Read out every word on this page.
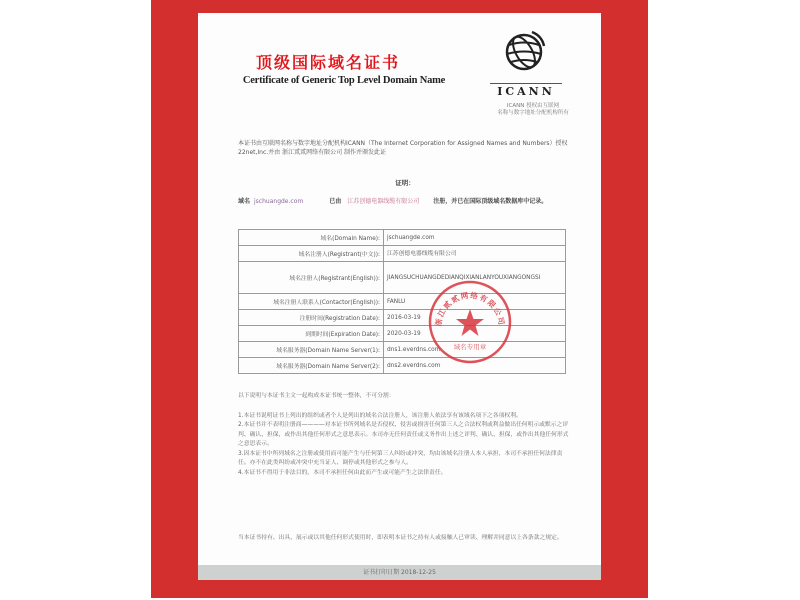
顶级国际域名证书
Certificate of Generic Top Level Domain Name
ICANN
ICANN 授权由互联网
名称与数字地址分配机构所有
本证书由互联网名称与数字地址分配机构ICANN（The Internet Corporation for Assigned Names and Numbers）授权22net,Inc.并由 浙江贰贰网络有限公司 制作并颁发此证
证明：
域名 jschuangde.com	已由 江苏创德电器线缆有限公司 注册，并已在国际顶级域名数据库中记录。
域名(Domain Name):	jschuangde.com
域名注册人(Registrant(中文)):	江苏创德电器线缆有限公司
域名注册人(Registrant(English)):	JIANGSUCHUANGDEDIANQIXIANLANYOUXIANGONGSI
域名注册人联系人(Contactor(English)):	FANLU
注册时间(Registration Date):	2016-03-19
到期时间(Expiration Date):	2020-03-19
域名服务器(Domain Name Server(1):	dns1.everdns.com
域名服务器(Domain Name Server(2):	dns2.everdns.com
浙江贰贰网络有限公司
域名专用章

以下说明与本证书主文一起构成本证书统一整体，不可分割：

1.本证书说明证书上列出的组织或者个人是列出的域名合法注册人，该注册人依法享有该域名项下之各项权利。

2.本证书并不表明注册商————对本证书所列域名是否侵权、侵害或损害任何第三人之合法权利或利益做出任何明示或默示之评判、确认、担保，或作出其他任何形式之意思表示。本司亦无任何责任或义务作出上述之评判、确认、担保，或作出其他任何形式之意思表示。

3.因本证书中所列域名之注册或使用而可能产生与任何第三人纠纷或冲突，均由该域名注册人本人承担，本司不承担任何法律责任。亦不在此类纠纷或冲突中充当证人、调停或其他形式之参与人。

4.本证书不得用于非法目的，本司不承担任何由此而产生或可能产生之法律责任。

当本证书持有、出具、展示或以其他任何形式使用时，即表明本证书之持有人或接触人已审读、理解并同意以上各条款之规定。
证书打印日期 2018-12-25
